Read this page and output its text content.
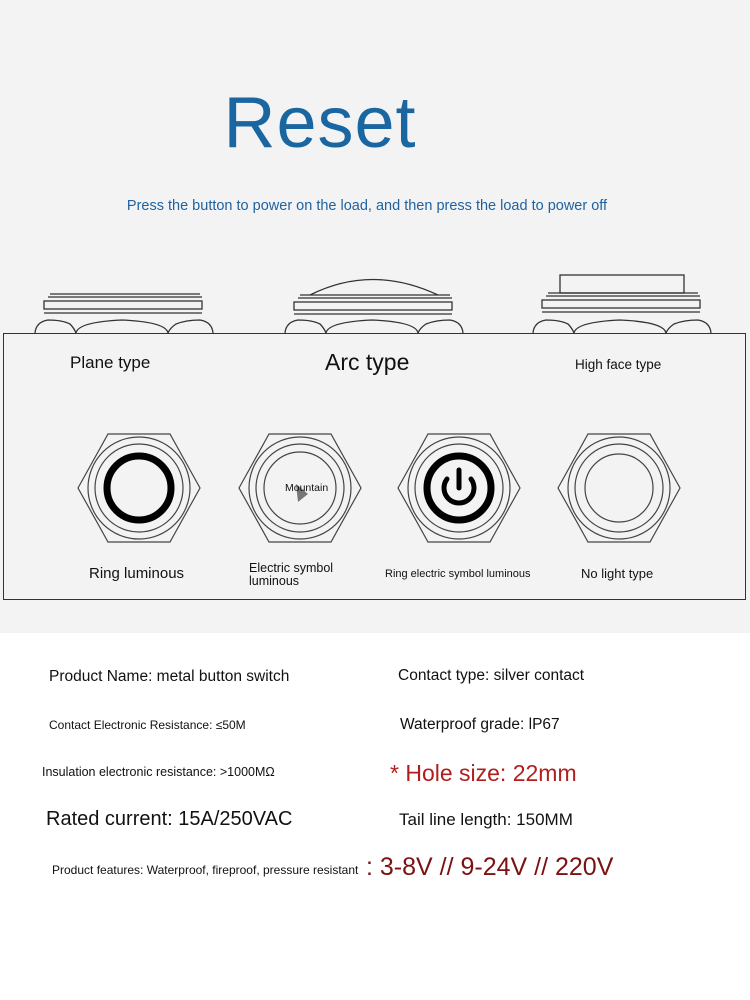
Reset
Press the button to power on the load, and then press the load to power off
Plane type	Arc type	High face type
Mountain
Ring luminous	Electric symbol
luminous	Ring electric symbol luminous	No light type
Product Name: metal button switch	Contact type: silver contact
Contact Electronic Resistance: ≤50M	Waterproof grade: lP67
Insulation electronic resistance: >1000MΩ	* Hole size: 22mm
Rated current: 15A/250VAC	Tail line length: 150MM
Product features: Waterproof, fireproof, pressure resistant : 3-8V // 9-24V // 220V
